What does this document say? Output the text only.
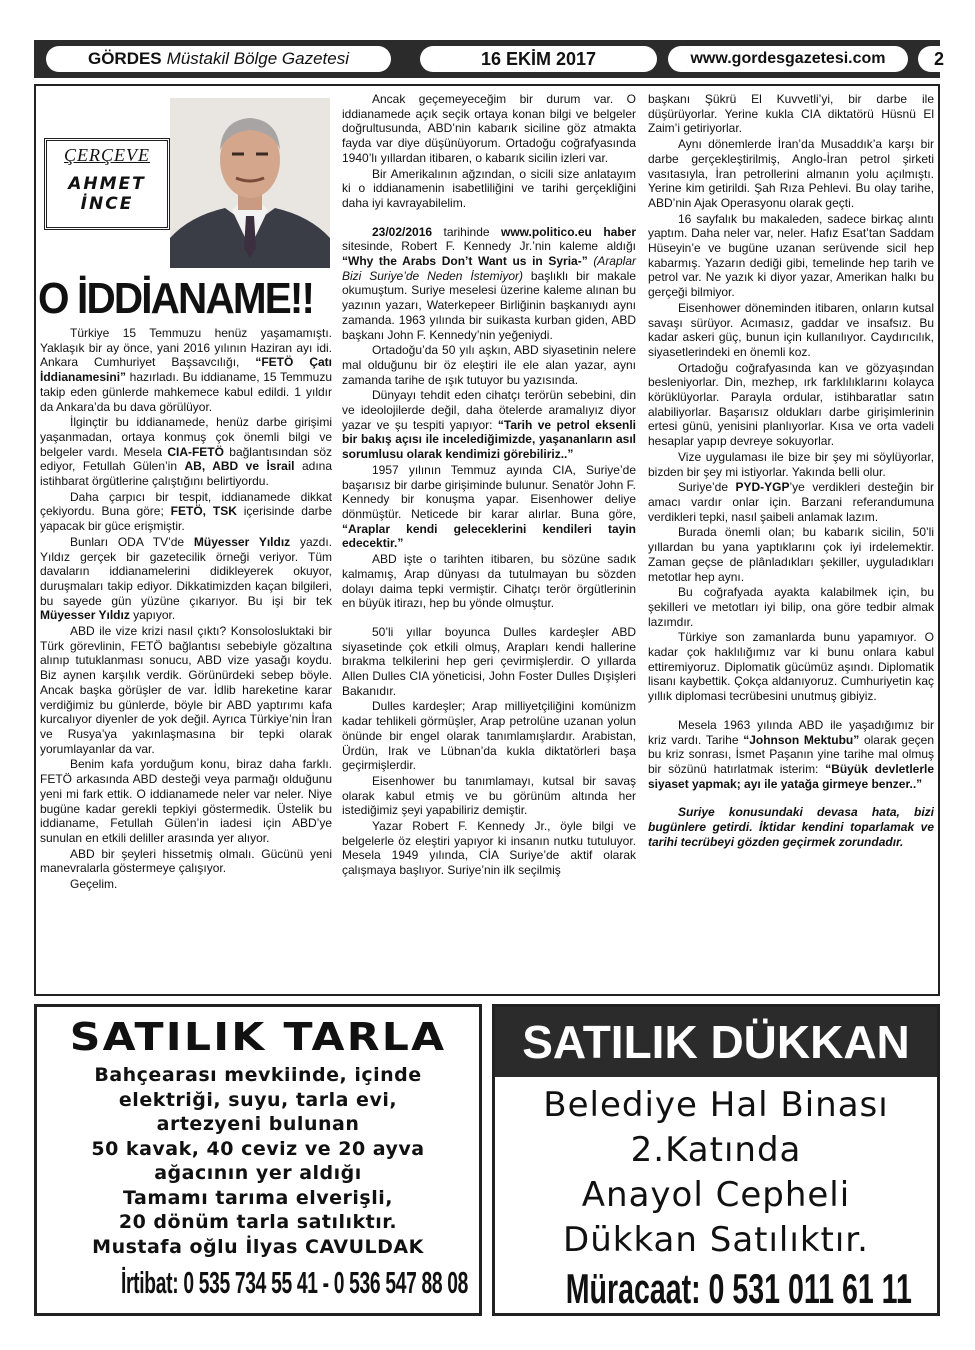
GÖRDES Müstakil Bölge Gazetesi	16 EKİM 2017	www.gordesgazetesi.com	2
ÇERÇEVE
AHMET
İNCE
O İDDİANAME!!

Türkiye 15 Temmuzu henüz yaşamamıştı. Yaklaşık bir ay önce, yani 2016 yılının Haziran ayı idi. Ankara Cumhuriyet Başsavcılığı, “FETÖ Çatı İddianamesini” hazırladı. Bu iddianame, 15 Temmuzu takip eden günlerde mahkemece kabul edildi. 1 yıldır da Ankara’da bu dava görülüyor.

İlginçtir bu iddianamede, henüz darbe girişimi yaşanmadan, ortaya konmuş çok önemli bilgi ve belgeler vardı. Mesela CIA-FETÖ bağlantısından söz ediyor, Fetullah Gülen’in AB, ABD ve İsrail adına istihbarat örgütlerine çalıştığını belirtiyordu.

Daha çarpıcı bir tespit, iddianamede dikkat çekiyordu. Buna göre; FETÖ, TSK içerisinde darbe yapacak bir güce erişmiştir.

Bunları ODA TV’de Müyesser Yıldız yazdı. Yıldız gerçek bir gazetecilik örneği veriyor. Tüm davaların iddianamelerini didikleyerek okuyor, duruşmaları takip ediyor. Dikkatimizden kaçan bilgileri, bu sayede gün yüzüne çıkarıyor. Bu işi bir tek Müyesser Yıldız yapıyor.

ABD ile vize krizi nasıl çıktı? Konsolosluktaki bir Türk görevlinin, FETÖ bağlantısı sebebiyle gözaltına alınıp tutuklanması sonucu, ABD vize yasağı koydu. Biz aynen karşılık verdik. Görünürdeki sebep böyle. Ancak başka görüşler de var. İdlib hareketine karar verdiğimiz bu günlerde, böyle bir ABD yaptırımı kafa kurcalıyor diyenler de yok değil. Ayrıca Türkiye’nin İran ve Rusya’ya yakınlaşmasına bir tepki olarak yorumlayanlar da var.

Benim kafa yorduğum konu, biraz daha farklı. FETÖ arkasında ABD desteği veya parmağı olduğunu yeni mi fark ettik. O iddianamede neler var neler. Niye bugüne kadar gerekli tepkiyi göstermedik. Üstelik bu iddianame, Fetullah Gülen’in iadesi için ABD’ye sunulan en etkili deliller arasında yer alıyor.

ABD bir şeyleri hissetmiş olmalı. Gücünü yeni manevralarla göstermeye çalışıyor.

Geçelim.

Ancak geçemeyeceğim bir durum var. O iddianamede açık seçik ortaya konan bilgi ve belgeler doğrultusunda, ABD’nin kabarık siciline göz atmakta fayda var diye düşünüyorum. Ortadoğu coğrafyasında 1940’lı yıllardan itibaren, o kabarık sicilin izleri var.

Bir Amerikalının ağzından, o sicili size anlatayım ki o iddianamenin isabetliliğini ve tarihi gerçekliğini daha iyi kavrayabilelim.

23/02/2016 tarihinde www.politico.eu haber sitesinde, Robert F. Kennedy Jr.’nin kaleme aldığı “Why the Arabs Don’t Want us in Syria-” (Araplar Bizi Suriye’de Neden İstemiyor) başlıklı bir makale okumuştum. Suriye meselesi üzerine kaleme alınan bu yazının yazarı, Waterkepeer Birliğinin başkanıydı aynı zamanda. 1963 yılında bir suikasta kurban giden, ABD başkanı John F. Kennedy’nin yeğeniydi.

Ortadoğu’da 50 yılı aşkın, ABD siyasetinin nelere mal olduğunu bir öz eleştiri ile ele alan yazar, aynı zamanda tarihe de ışık tutuyor bu yazısında.

Dünyayı tehdit eden cihatçı terörün sebebini, din ve ideolojilerde değil, daha ötelerde aramalıyız diyor yazar ve şu tespiti yapıyor: “Tarih ve petrol eksenli bir bakış açısı ile incelediğimizde, yaşananların asıl sorumlusu olarak kendimizi görebiliriz..”

1957 yılının Temmuz ayında CIA, Suriye’de başarısız bir darbe girişiminde bulunur. Senatör John F. Kennedy bir konuşma yapar. Eisenhower deliye dönmüştür. Neticede bir karar alırlar. Buna göre, “Araplar kendi geleceklerini kendileri tayin edecektir.”

ABD işte o tarihten itibaren, bu sözüne sadık kalmamış, Arap dünyası da tutulmayan bu sözden dolayı daima tepki vermiştir. Cihatçı terör örgütlerinin en büyük itirazı, hep bu yönde olmuştur.

50’li yıllar boyunca Dulles kardeşler ABD siyasetinde çok etkili olmuş, Arapları kendi hallerine bırakma telkilerini hep geri çevirmişlerdir. O yıllarda Allen Dulles CIA yöneticisi, John Foster Dulles Dışişleri Bakanıdır.

Dulles kardeşler; Arap milliyetçiliğini komünizm kadar tehlikeli görmüşler, Arap petrolüne uzanan yolun önünde bir engel olarak tanımlamışlardır. Arabistan, Ürdün, Irak ve Lübnan’da kukla diktatörleri başa geçirmişlerdir.

Eisenhower bu tanımlamayı, kutsal bir savaş olarak kabul etmiş ve bu görünüm altında her istediğimiz şeyi yapabiliriz demiştir.

Yazar Robert F. Kennedy Jr., öyle bilgi ve belgelerle öz eleştiri yapıyor ki insanın nutku tutuluyor. Mesela 1949 yılında, CİA Suriye’de aktif olarak çalışmaya başlıyor. Suriye’nin ilk seçilmiş

başkanı Şükrü El Kuvvetli’yi, bir darbe ile düşürüyorlar. Yerine kukla CIA diktatörü Hüsnü El Zaim’i getiriyorlar.

Aynı dönemlerde İran’da Musaddık’a karşı bir darbe gerçekleştirilmiş, Anglo-İran petrol şirketi vasıtasıyla, İran petrollerini almanın yolu açılmıştı. Yerine kim getirildi. Şah Rıza Pehlevi. Bu olay tarihe, ABD’nin Ajak Operasyonu olarak geçti.

16 sayfalık bu makaleden, sadece birkaç alıntı yaptım. Daha neler var, neler. Hafız Esat’tan Saddam Hüseyin’e ve bugüne uzanan serüvende sicil hep kabarmış. Yazarın dediği gibi, temelinde hep tarih ve petrol var. Ne yazık ki diyor yazar, Amerikan halkı bu gerçeği bilmiyor.

Eisenhower döneminden itibaren, onların kutsal savaşı sürüyor. Acımasız, gaddar ve insafsız. Bu kadar askeri güç, bunun için kullanılıyor. Caydırıcılık, siyasetlerindeki en önemli koz.

Ortadoğu coğrafyasında kan ve gözyaşından besleniyorlar. Din, mezhep, ırk farklılıklarını kolayca körüklüyorlar. Parayla ordular, istihbaratlar satın alabiliyorlar. Başarısız oldukları darbe girişimlerinin ertesi günü, yenisini planlıyorlar. Kısa ve orta vadeli hesaplar yapıp devreye sokuyorlar.

Vize uygulaması ile bize bir şey mi söylüyorlar, bizden bir şey mi istiyorlar. Yakında belli olur.

Suriye’de PYD-YGP’ye verdikleri desteğin bir amacı vardır onlar için. Barzani referandumuna verdikleri tepki, nasıl şaibeli anlamak lazım.

Burada önemli olan; bu kabarık sicilin, 50’li yıllardan bu yana yaptıklarını çok iyi irdelemektir. Zaman geçse de plânladıkları şekiller, uyguladıkları metotlar hep aynı.

Bu coğrafyada ayakta kalabilmek için, bu şekilleri ve metotları iyi bilip, ona göre tedbir almak lazımdır.

Türkiye son zamanlarda bunu yapamıyor. O kadar çok haklılığımız var ki bunu onlara kabul ettiremiyoruz. Diplomatik gücümüz aşındı. Diplomatik lisanı kaybettik. Çokça aldanıyoruz. Cumhuriyetin kaç yıllık diplomasi tecrübesini unutmuş gibiyiz.

Mesela 1963 yılında ABD ile yaşadığımız bir kriz vardı. Tarihe “Johnson Mektubu” olarak geçen bu kriz sonrası, İsmet Paşanın yine tarihe mal olmuş bir sözünü hatırlatmak isterim: “Büyük devletlerle siyaset yapmak; ayı ile yatağa girmeye benzer..”

Suriye konusundaki devasa hata, bizi bugünlere getirdi. İktidar kendini toparlamak ve tarihi tecrübeyi gözden geçirmek zorundadır.

SATILIK TARLA
Bahçearası mevkiinde, içinde
elektriği, suyu, tarla evi,
artezyeni bulunan
50 kavak, 40 ceviz ve 20 ayva
ağacının yer aldığı
Tamamı tarıma elverişli,
20 dönüm tarla satılıktır.
Mustafa oğlu İlyas CAVULDAK
İrtibat: 0 535 734 55 41 - 0 536 547 88 08
SATILIK DÜKKAN
Belediye Hal Binası
2.Katında
Anayol Cepheli
Dükkan Satılıktır.
Müracaat: 0 531 011 61 11
